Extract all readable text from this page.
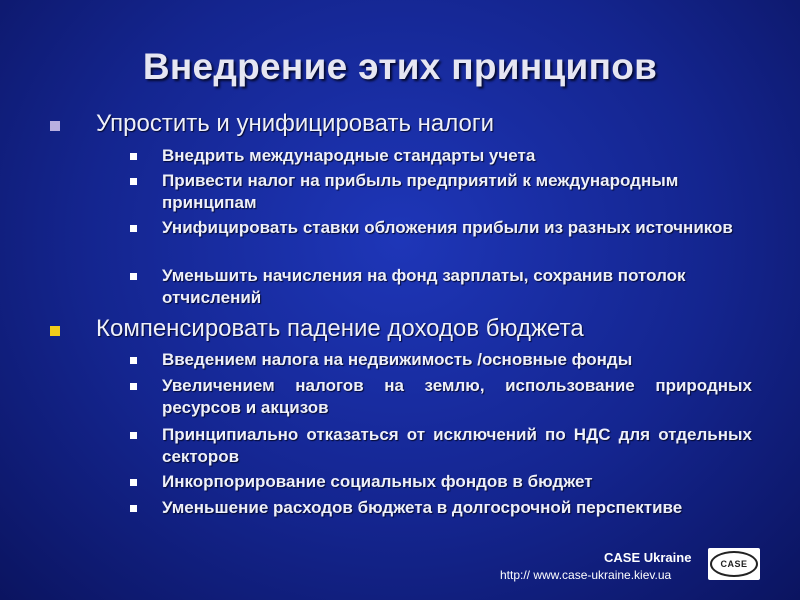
Внедрение этих принципов
Упростить и унифицировать налоги
Внедрить международные стандарты учета
Привести налог на прибыль предприятий к международным принципам
Унифицировать ставки обложения прибыли из разных источников
Уменьшить начисления на фонд зарплаты, сохранив потолок отчислений
Компенсировать падение доходов бюджета
Введением налога на недвижимость /основные фонды
Увеличением налогов на землю, использование природных ресурсов и акцизов
Принципиально отказаться от исключений по НДС для отдельных секторов
Инкорпорирование социальных фондов в бюджет
Уменьшение расходов бюджета в долгосрочной перспективе
CASE Ukraine
http:// www.case-ukraine.kiev.ua
CASE
